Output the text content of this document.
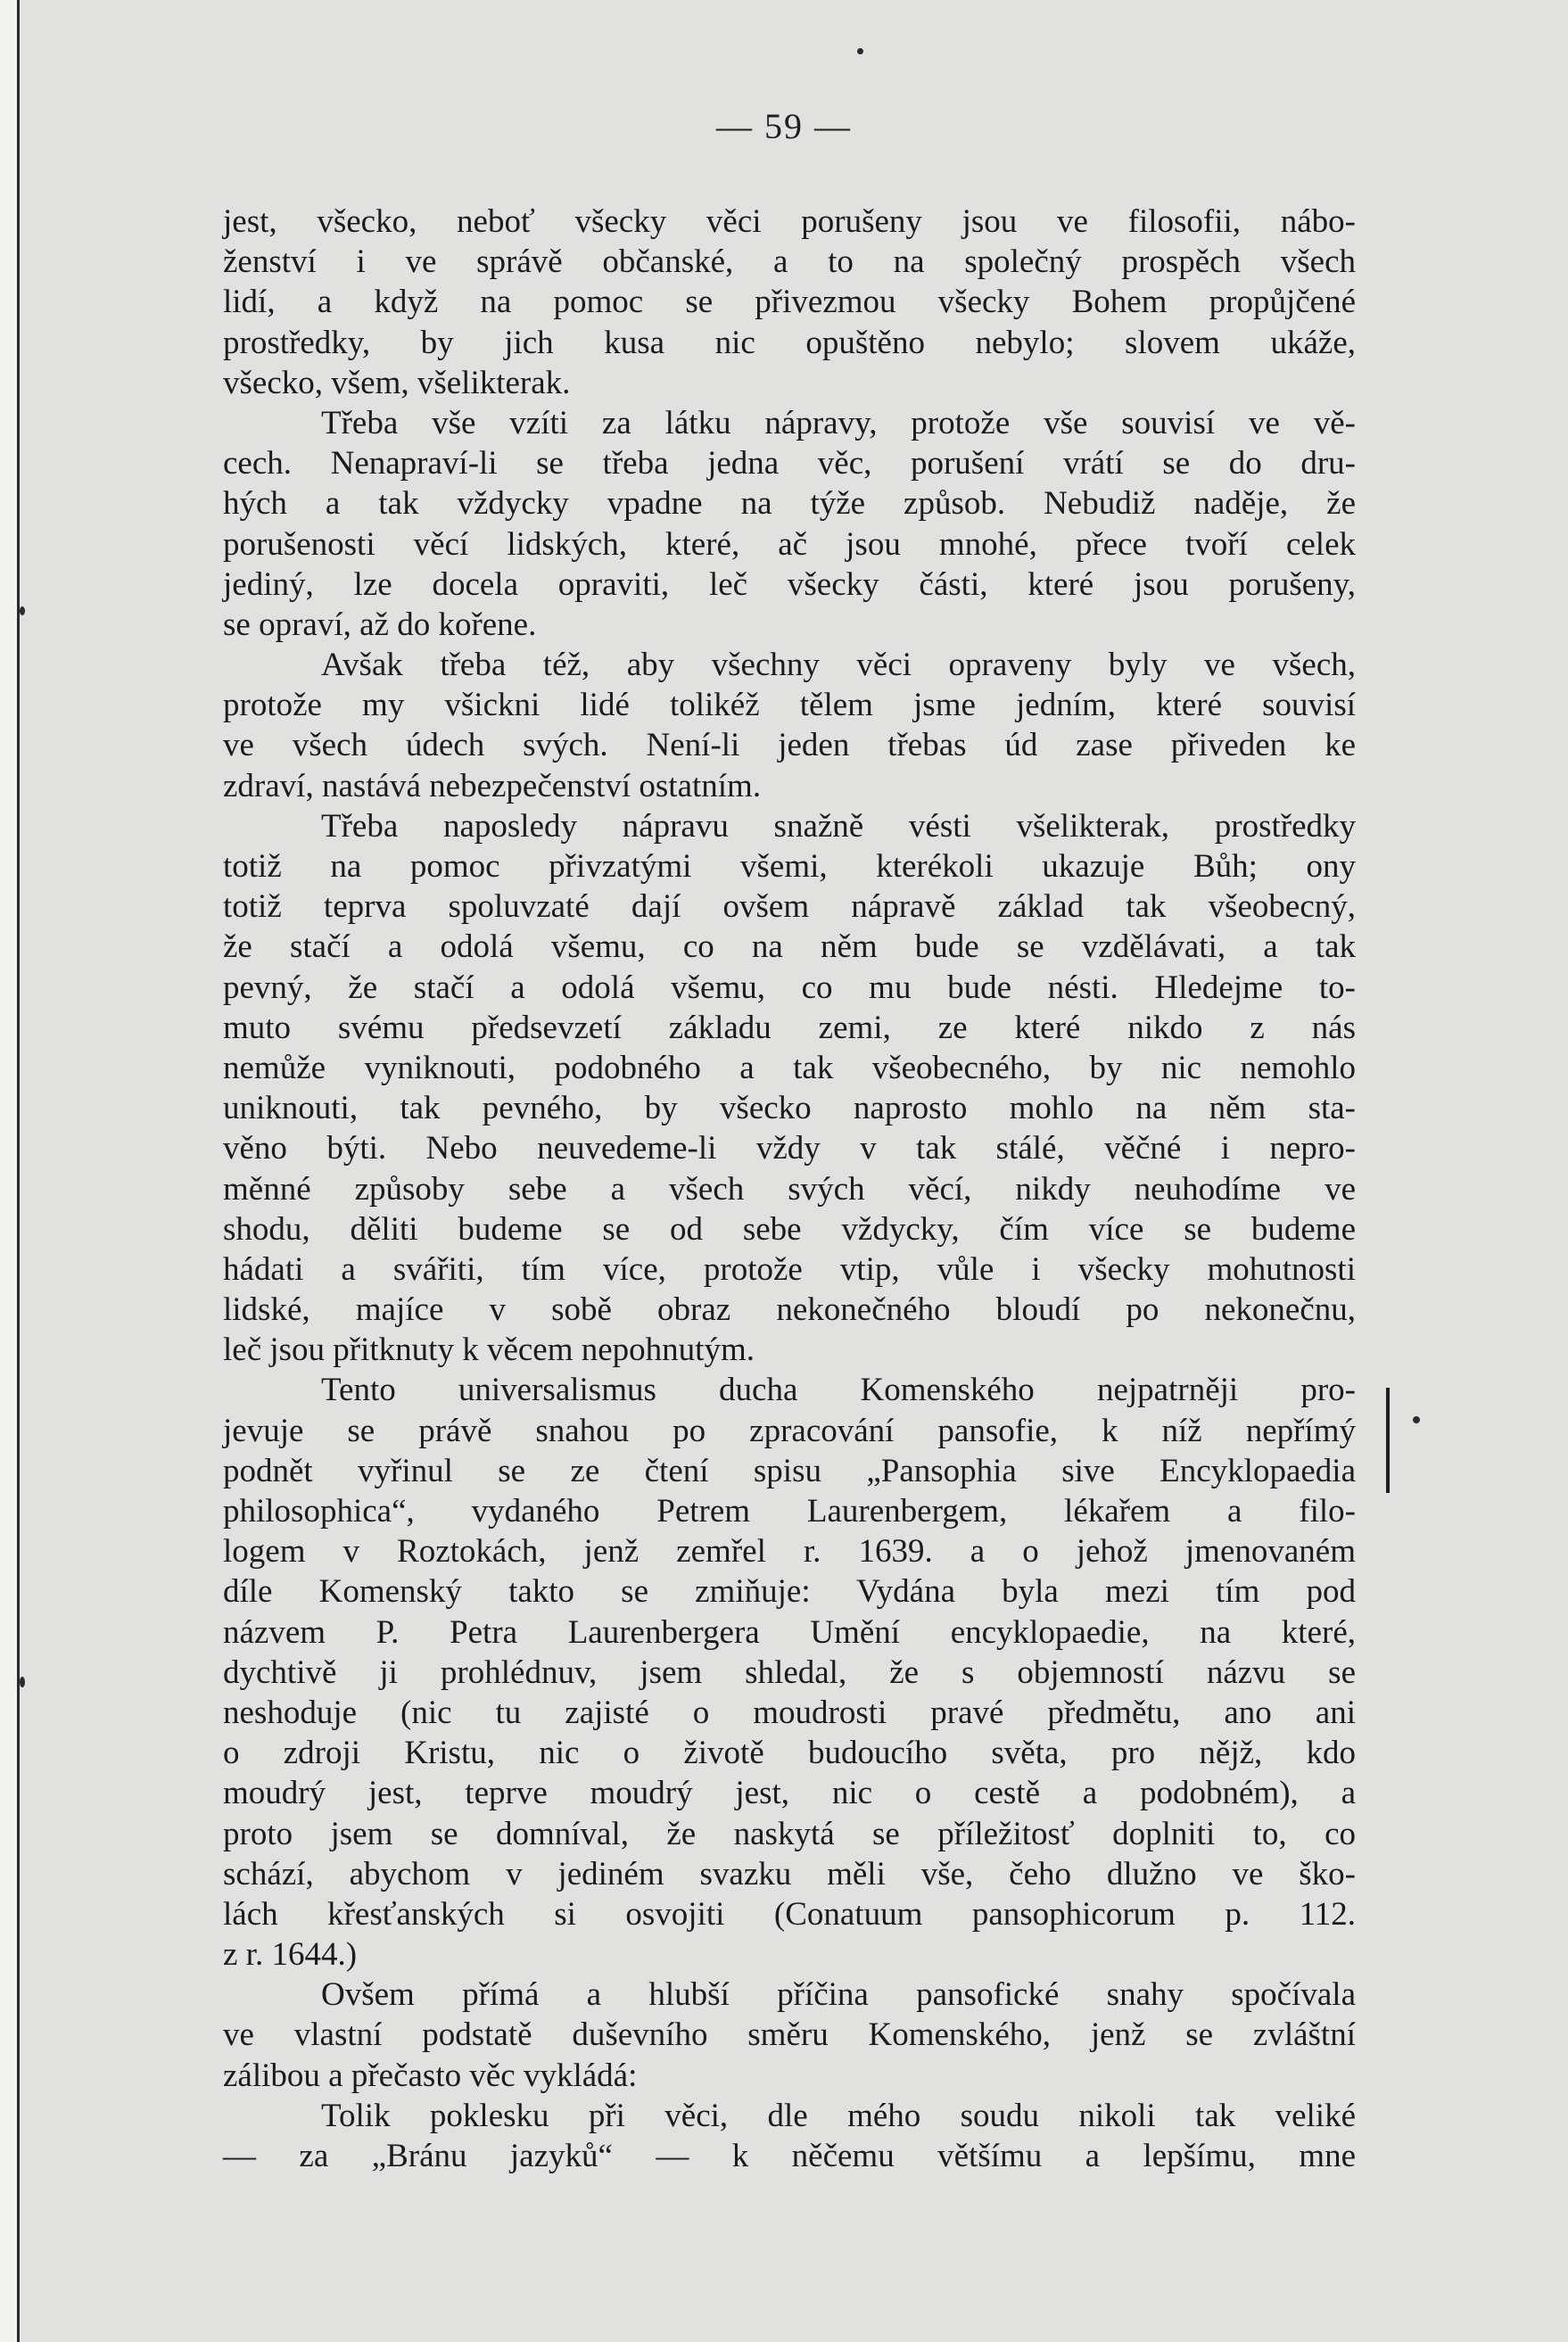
— 59 —
jest, všecko, neboť všecky věci porušeny jsou ve filosofii, nábo-
ženství i ve správě občanské, a to na společný prospěch všech
lidí, a když na pomoc se přivezmou všecky Bohem propůjčené
prostředky, by jich kusa nic opuštěno nebylo; slovem ukáže,
všecko, všem, všelikterak.
Třeba vše vzíti za látku nápravy, protože vše souvisí ve vě-
cech. Nenapraví-li se třeba jedna věc, porušení vrátí se do dru-
hých a tak vždycky vpadne na týže způsob. Nebudiž naděje, že
porušenosti věcí lidských, které, ač jsou mnohé, přece tvoří celek
jediný, lze docela opraviti, leč všecky části, které jsou porušeny,
se opraví, až do kořene.
Avšak třeba též, aby všechny věci opraveny byly ve všech,
protože my všickni lidé tolikéž tělem jsme jedním, které souvisí
ve všech údech svých. Není-li jeden třebas úd zase přiveden ke
zdraví, nastává nebezpečenství ostatním.
Třeba naposledy nápravu snažně vésti všelikterak, prostředky
totiž na pomoc přivzatými všemi, kterékoli ukazuje Bůh; ony
totiž teprva spoluvzaté dají ovšem nápravě základ tak všeobecný,
že stačí a odolá všemu, co na něm bude se vzdělávati, a tak
pevný, že stačí a odolá všemu, co mu bude nésti. Hledejme to-
muto svému předsevzetí základu zemi, ze které nikdo z nás
nemůže vyniknouti, podobného a tak všeobecného, by nic nemohlo
uniknouti, tak pevného, by všecko naprosto mohlo na něm sta-
věno býti. Nebo neuvedeme-li vždy v tak stálé, věčné i nepro-
měnné způsoby sebe a všech svých věcí, nikdy neuhodíme ve
shodu, děliti budeme se od sebe vždycky, čím více se budeme
hádati a svářiti, tím více, protože vtip, vůle i všecky mohutnosti
lidské, majíce v sobě obraz nekonečného bloudí po nekonečnu,
leč jsou přitknuty k věcem nepohnutým.
Tento universalismus ducha Komenského nejpatrněji pro-
jevuje se právě snahou po zpracování pansofie, k níž nepřímý
podnět vyřinul se ze čtení spisu „Pansophia sive Encyklopaedia
philosophica“, vydaného Petrem Laurenbergem, lékařem a filo-
logem v Roztokách, jenž zemřel r. 1639. a o jehož jmenovaném
díle Komenský takto se zmiňuje: Vydána byla mezi tím pod
názvem P. Petra Laurenbergera Umění encyklopaedie, na které,
dychtivě ji prohlédnuv, jsem shledal, že s objemností názvu se
neshoduje (nic tu zajisté o moudrosti pravé předmětu, ano ani
o zdroji Kristu, nic o životě budoucího světa, pro nějž, kdo
moudrý jest, teprve moudrý jest, nic o cestě a podobném), a
proto jsem se domníval, že naskytá se příležitosť doplniti to, co
schází, abychom v jediném svazku měli vše, čeho dlužno ve ško-
lách křesťanských si osvojiti (Conatuum pansophicorum p. 112.
z r. 1644.)
Ovšem přímá a hlubší příčina pansofické snahy spočívala
ve vlastní podstatě duševního směru Komenského, jenž se zvláštní
zálibou a přečasto věc vykládá:
Tolik poklesku při věci, dle mého soudu nikoli tak veliké
— za „Bránu jazyků“ — k něčemu většímu a lepšímu, mne
